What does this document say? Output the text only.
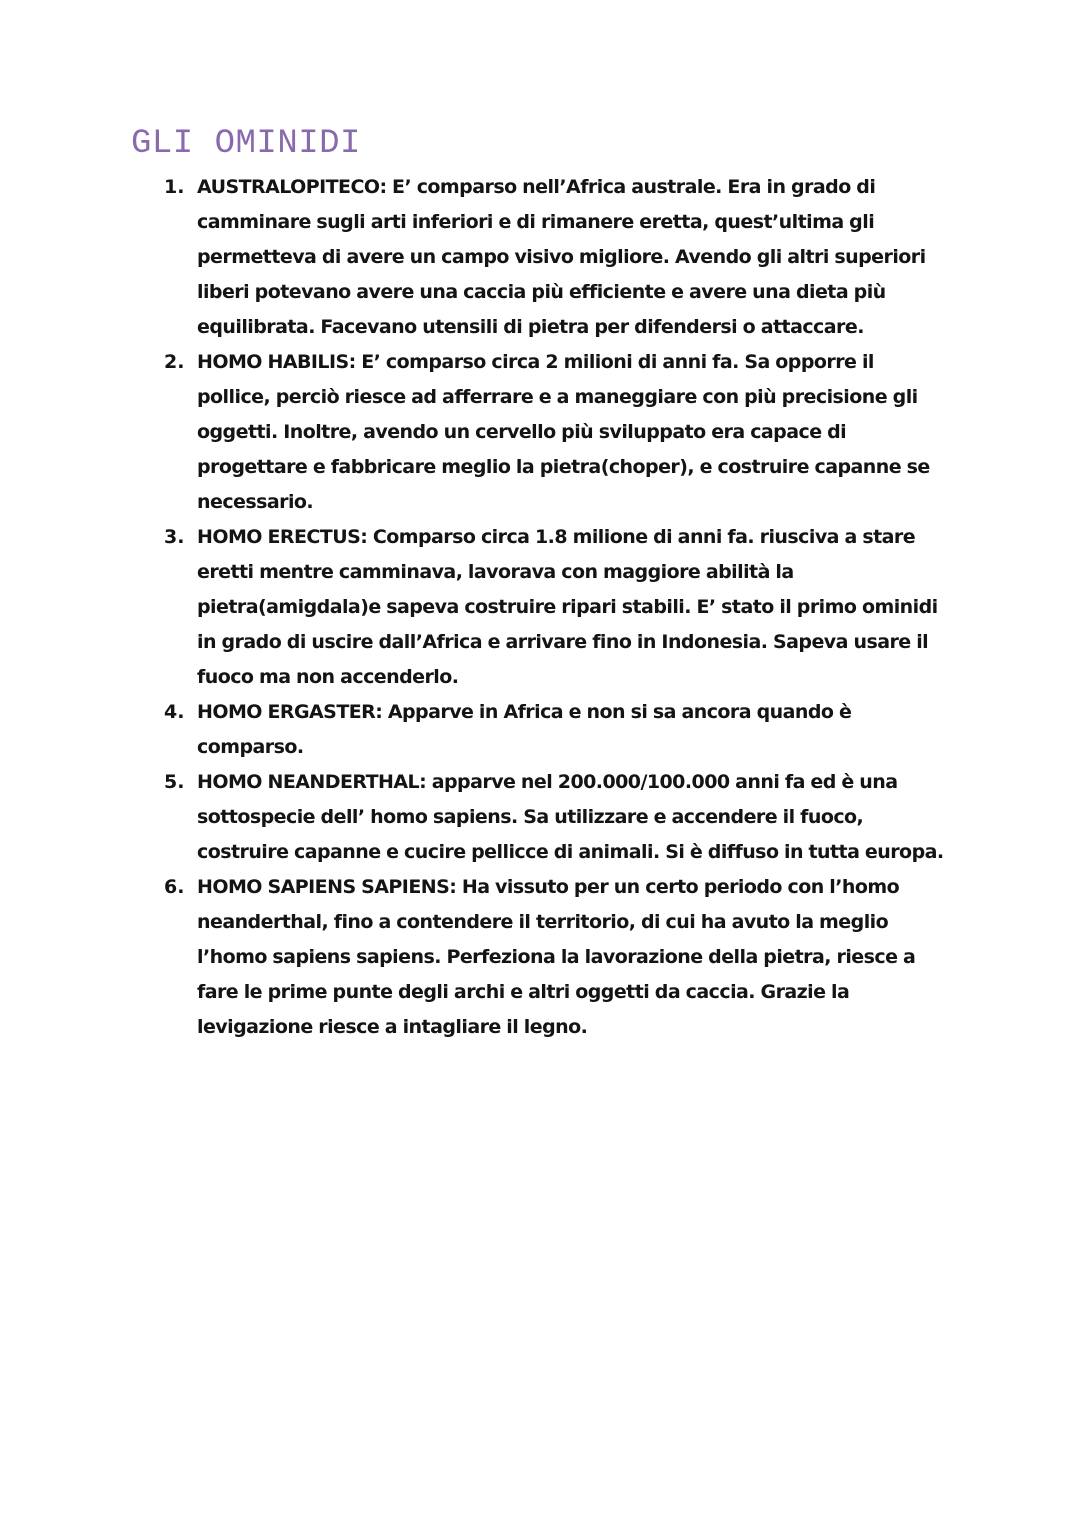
GLI OMINIDI
1. AUSTRALOPITECO: E’ comparso nell’Africa australe. Era in grado di camminare sugli arti inferiori e di rimanere eretta, quest’ultima gli permetteva di avere un campo visivo migliore. Avendo gli altri superiori liberi potevano avere una caccia più efficiente e avere una dieta più equilibrata. Facevano utensili di pietra per difendersi o attaccare.
2. HOMO HABILIS: E’ comparso circa 2 milioni di anni fa. Sa opporre il pollice, perciò riesce ad afferrare e a maneggiare con più precisione gli oggetti. Inoltre, avendo un cervello più sviluppato era capace di progettare e fabbricare meglio la pietra(choper), e costruire capanne se necessario.
3. HOMO ERECTUS: Comparso circa 1.8 milione di anni fa. riusciva a stare eretti mentre camminava, lavorava con maggiore abilità la pietra(amigdala)e sapeva costruire ripari stabili. E’ stato il primo ominidi in grado di uscire dall’Africa e arrivare fino in Indonesia. Sapeva usare il fuoco ma non accenderlo.
4. HOMO ERGASTER: Apparve in Africa e non si sa ancora quando è comparso.
5. HOMO NEANDERTHAL: apparve nel 200.000/100.000 anni fa ed è una sottospecie dell’ homo sapiens. Sa utilizzare e accendere il fuoco, costruire capanne e cucire pellicce di animali. Si è diffuso in tutta europa.
6. HOMO SAPIENS SAPIENS: Ha vissuto per un certo periodo con l’homo neanderthal, fino a contendere il territorio, di cui ha avuto la meglio l’homo sapiens sapiens. Perfeziona la lavorazione della pietra, riesce a fare le prime punte degli archi e altri oggetti da caccia. Grazie la levigazione riesce a intagliare il legno.
